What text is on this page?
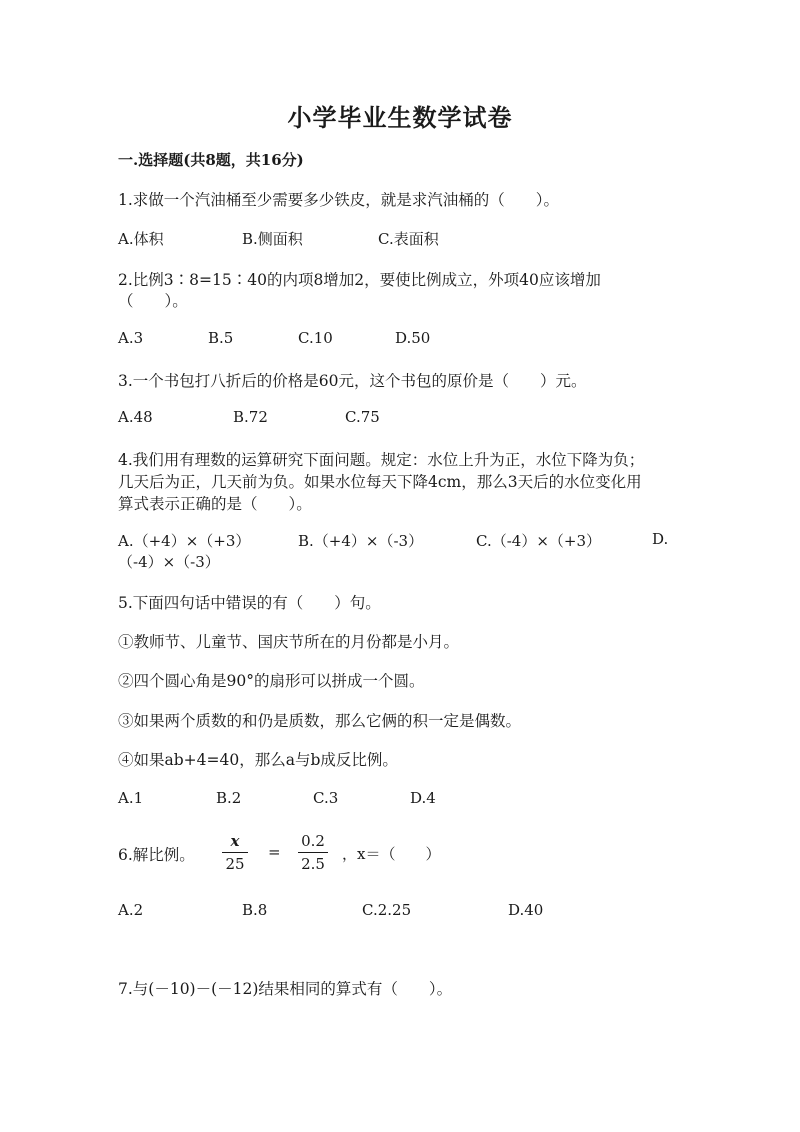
小学毕业生数学试卷
一.选择题(共8题，共16分)
1.求做一个汽油桶至少需要多少铁皮，就是求汽油桶的（　　）。
A.体积	B.侧面积	C.表面积
2.比例3∶8=15∶40的内项8增加2，要使比例成立，外项40应该增加
（　　）。
A.3	B.5	C.10	D.50
3.一个书包打八折后的价格是60元，这个书包的原价是（　　）元。
A.48	B.72	C.75
4.我们用有理数的运算研究下面问题。规定：水位上升为正，水位下降为负；
几天后为正，几天前为负。如果水位每天下降4cm，那么3天后的水位变化用
算式表示正确的是（　　）。
A.（+4）×（+3）	B.（+4）×（-3）	C.（-4）×（+3）	D.
（-4）×（-3）
5.下面四句话中错误的有（　　）句。
①教师节、儿童节、国庆节所在的月份都是小月。
②四个圆心角是90°的扇形可以拼成一个圆。
③如果两个质数的和仍是质数，那么它俩的积一定是偶数。
④如果ab+4=40，那么a与b成反比例。
A.1	B.2	C.3	D.4
6.解比例。
x
25
=
0.2
2.5
，x＝（　　）
A.2	B.8	C.2.25	D.40
7.与(－10)－(－12)结果相同的算式有（　　）。
